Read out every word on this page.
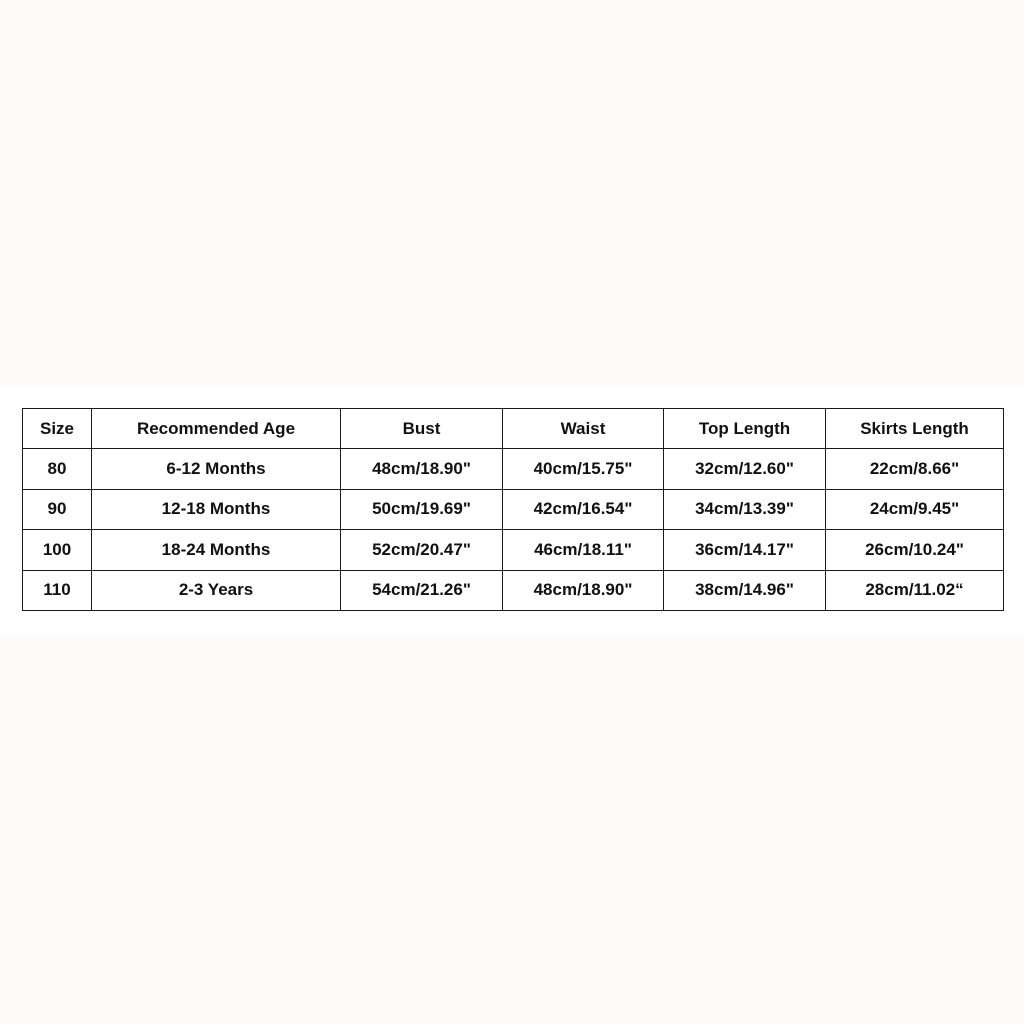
Size	Recommended Age	Bust	Waist	Top Length	Skirts Length
80	6-12 Months	48cm/18.90"	40cm/15.75"	32cm/12.60"	22cm/8.66"
90	12-18 Months	50cm/19.69"	42cm/16.54"	34cm/13.39"	24cm/9.45"
100	18-24 Months	52cm/20.47"	46cm/18.11"	36cm/14.17"	26cm/10.24"
110	2-3 Years	54cm/21.26"	48cm/18.90"	38cm/14.96"	28cm/11.02“
